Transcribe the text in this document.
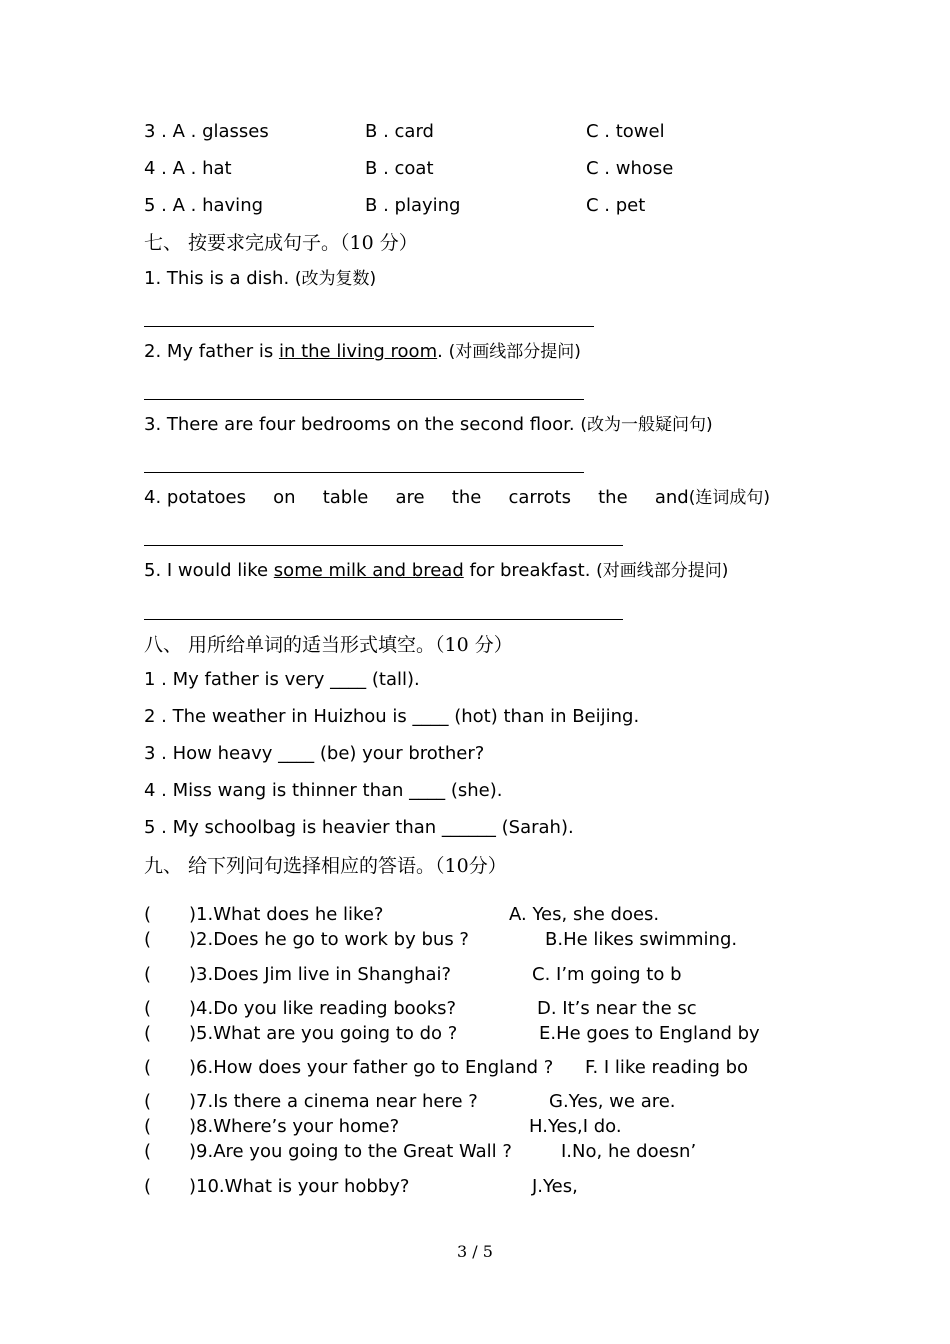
3 . A . glasses	B . card	C . towel
4 . A . hat	B . coat	C . whose
5 . A . having	B . playing	C . pet
七、 按要求完成句子。（10 分）
1. This is a dish. (改为复数)
2. My father is in the living room. (对画线部分提问)
3. There are four bedrooms on the second floor. (改为一般疑问句)
4. potatoes on table are the carrots the and(连词成句)
5. I would like some milk and bread for breakfast. (对画线部分提问)
八、 用所给单词的适当形式填空。（10 分）
1 . My father is very ____ (tall).
2 . The weather in Huizhou is ____ (hot) than in Beijing.
3 . How heavy ____ (be) your brother?
4 . Miss wang is thinner than ____ (she).
5 . My schoolbag is heavier than ______ (Sarah).
九、 给下列问句选择相应的答语。（10分）
( )1.What does he like?	A. Yes, she does.
( )2.Does he go to work by bus ?	B.He likes swimming.
( )3.Does Jim live in Shanghai?	C. I’m going to b
( )4.Do you like reading books?	D. It’s near the sc
( )5.What are you going to do ?	E.He goes to England by
( )6.How does your father go to England ? F. I like reading bo
( )7.Is there a cinema near here ?	G.Yes, we are.
( )8.Where’s your home?	H.Yes,I do.
( )9.Are you going to the Great Wall ?	I.No, he doesn’
( )10.What is your hobby?	J.Yes,
3 / 5
